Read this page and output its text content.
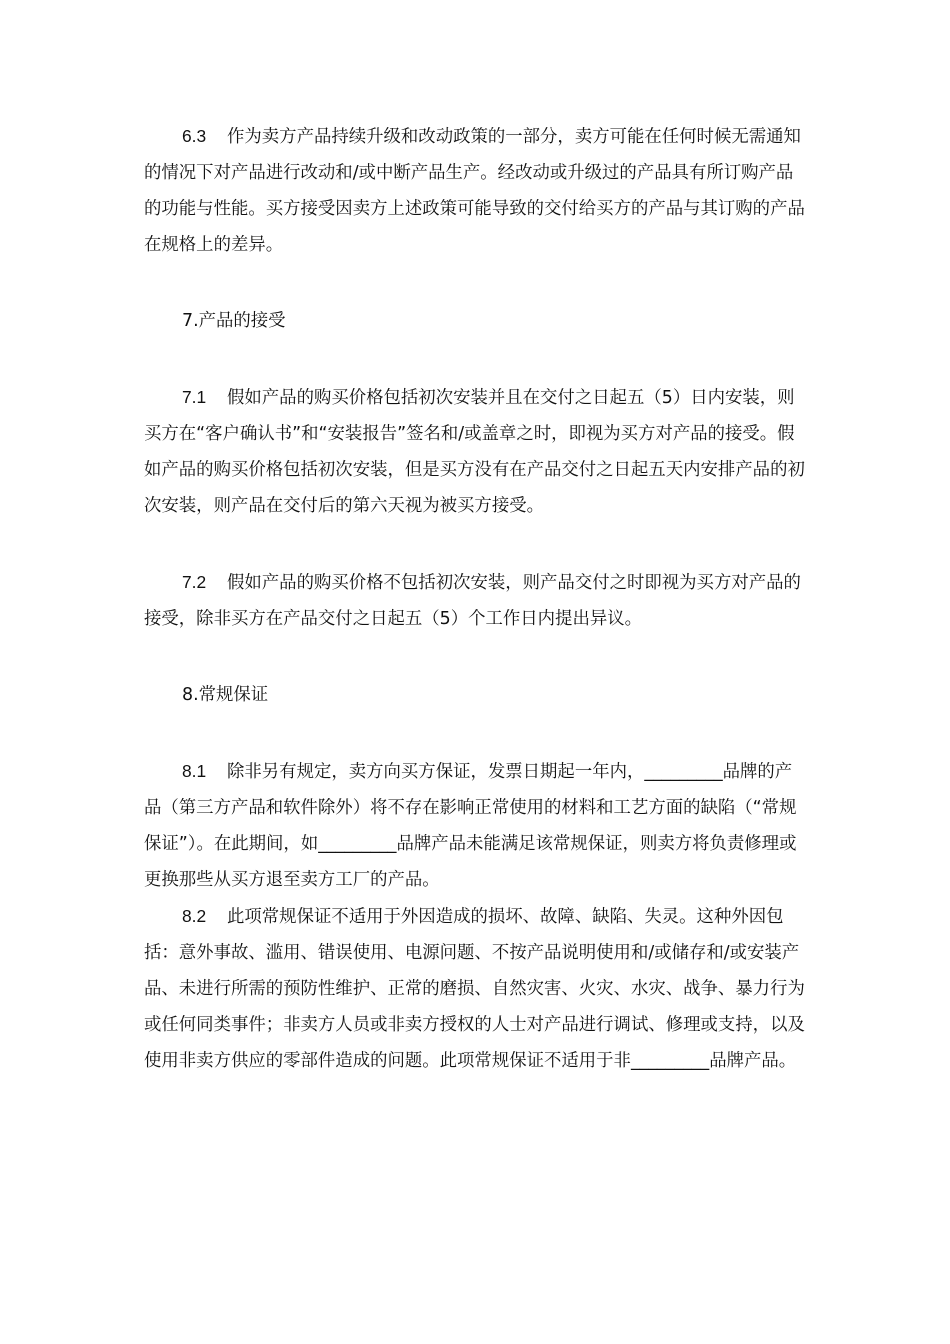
6.3 作为卖方产品持续升级和改动政策的一部分，卖方可能在任何时候无需通知的情况下对产品进行改动和/或中断产品生产。经改动或升级过的产品具有所订购产品的功能与性能。买方接受因卖方上述政策可能导致的交付给买方的产品与其订购的产品在规格上的差异。

7.产品的接受

7.1 假如产品的购买价格包括初次安装并且在交付之日起五（5）日内安装，则买方在“客户确认书”和“安装报告”签名和/或盖章之时，即视为买方对产品的接受。假如产品的购买价格包括初次安装，但是买方没有在产品交付之日起五天内安排产品的初次安装，则产品在交付后的第六天视为被买方接受。

7.2 假如产品的购买价格不包括初次安装，则产品交付之时即视为买方对产品的接受，除非买方在产品交付之日起五（5）个工作日内提出异议。

8.常规保证

8.1 除非另有规定，卖方向买方保证，发票日期起一年内，_________品牌的产品（第三方产品和软件除外）将不存在影响正常使用的材料和工艺方面的缺陷（“常规保证”）。在此期间，如_________品牌产品未能满足该常规保证，则卖方将负责修理或更换那些从买方退至卖方工厂的产品。

8.2 此项常规保证不适用于外因造成的损坏、故障、缺陷、失灵。这种外因包括：意外事故、滥用、错误使用、电源问题、不按产品说明使用和/或储存和/或安装产品、未进行所需的预防性维护、正常的磨损、自然灾害、火灾、水灾、战争、暴力行为或任何同类事件；非卖方人员或非卖方授权的人士对产品进行调试、修理或支持，以及使用非卖方供应的零部件造成的问题。此项常规保证不适用于非_________品牌产品。
